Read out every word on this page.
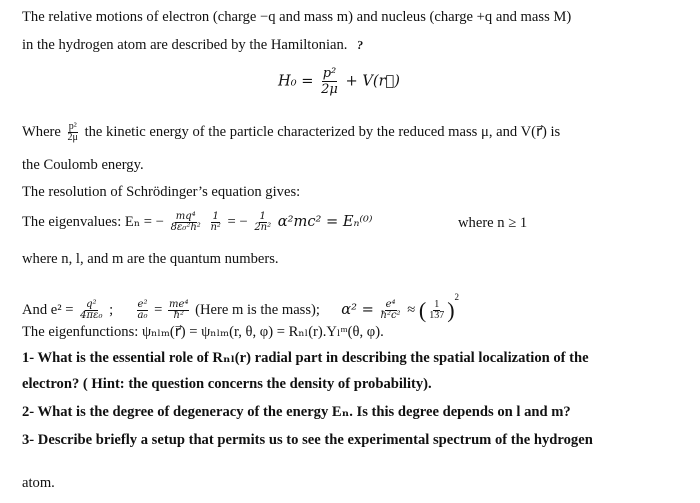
The relative motions of electron (charge −q and mass m) and nucleus (charge +q and mass M)
in the hydrogen atom are described by the Hamiltonian. ?
$H_0 = \frac{\text{p²}}{2\mu}$ + V(r⃗)
Where $\frac{\text{p²}}{2\mu}$ the kinetic energy of the particle characterized by the reduced mass μ, and V(r⃗) is
the Coulomb energy.
The resolution of Schrödinger’s equation gives:
The eigenvalues: Eₙ = − $\frac{\text{mq⁴}}{\text{8ε₀²h²}}$
$\frac{1}{\text{n²}}$ = − $\frac{1}{\text{2n²}} \alpha^2mc^2 = E_n^{(0)}$	where n ≥ 1
where n, l, and m are the quantum numbers.
And $e^2 = \frac{\text{q²}}{\text{4πε₀}}$ ; $\frac{\text{e²}}{\text{a₀}} = \frac{\text{me⁴}}{\text{ħ²}}$ (Here m is the mass); $\alpha^2 = \frac{\text{e⁴}}{\text{ħ²c²}}$ ≈ ( $\frac{1}{137} )^2$
The eigenfunctions: ψₙₗₘ(r⃗) = ψₙₗₘ(r, θ, φ) = Rₙₗ(r).Yₗᵐ(θ, φ).
1- What is the essential role of Rₙₗ(r) radial part in describing the spatial localization of the
electron? ( Hint: the question concerns the density of probability).
2- What is the degree of degeneracy of the energy Eₙ. Is this degree depends on l and m?
3- Describe briefly a setup that permits us to see the experimental spectrum of the hydrogen
atom.
